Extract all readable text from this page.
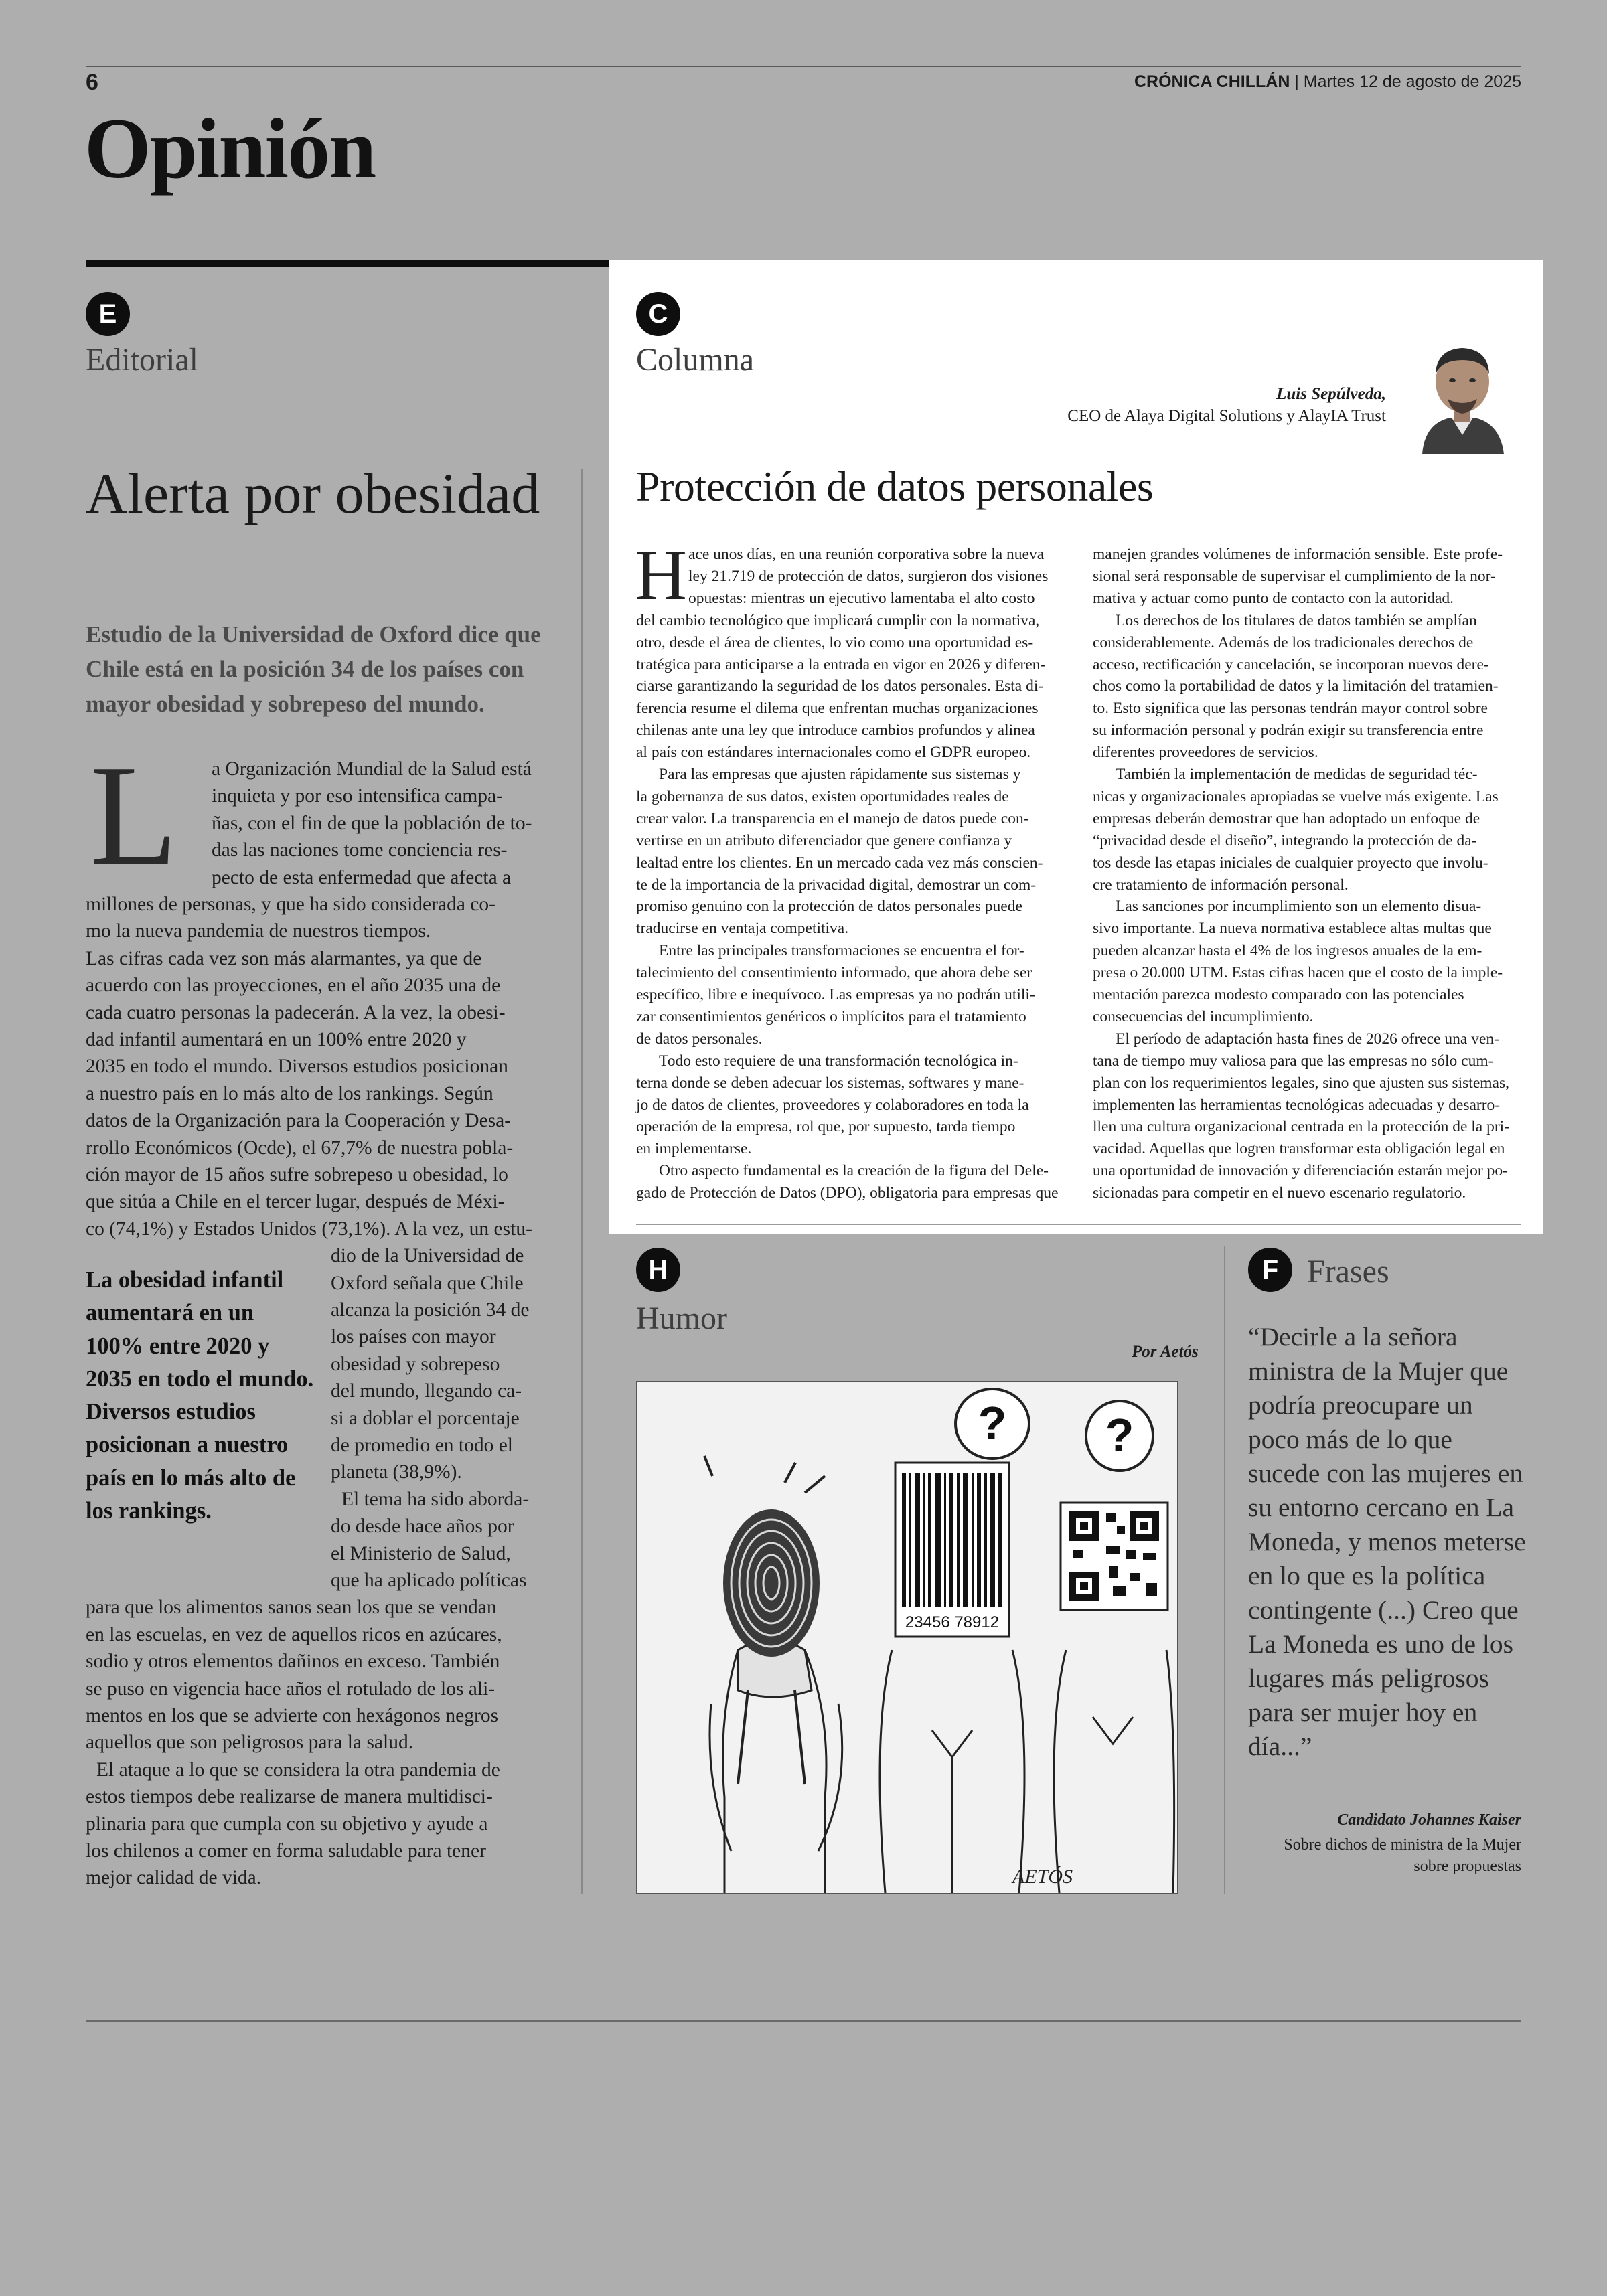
6	CRÓNICA CHILLÁN | Martes 12 de agosto de 2025
Opinión
E
Editorial
Alerta por obesidad
Estudio de la Universidad de Oxford dice que Chile está en la posición 34 de los países con mayor obesidad y sobrepeso del mundo.
L a Organización Mundial de la Salud está
inquieta y por eso intensifica campa-
ñas, con el fin de que la población de to-
das las naciones tome conciencia res-
pecto de esta enfermedad que afecta a
millones de personas, y que ha sido considerada co-
mo la nueva pandemia de nuestros tiempos.
Las cifras cada vez son más alarmantes, ya que de
acuerdo con las proyecciones, en el año 2035 una de
cada cuatro personas la padecerán. A la vez, la obesi-
dad infantil aumentará en un 100% entre 2020 y
2035 en todo el mundo. Diversos estudios posicionan
a nuestro país en lo más alto de los rankings. Según
datos de la Organización para la Cooperación y Desa-
rrollo Económicos (Ocde), el 67,7% de nuestra pobla-
ción mayor de 15 años sufre sobrepeso u obesidad, lo
que sitúa a Chile en el tercer lugar, después de Méxi-
co (74,1%) y Estados Unidos (73,1%). A la vez, un estu-
dio de la Universidad de
Oxford señala que Chile
alcanza la posición 34 de
los países con mayor
obesidad y sobrepeso
del mundo, llegando ca-
si a doblar el porcentaje
de promedio en todo el
planeta (38,9%).
El tema ha sido aborda-
do desde hace años por
el Ministerio de Salud,
que ha aplicado políticas
para que los alimentos sanos sean los que se vendan
en las escuelas, en vez de aquellos ricos en azúcares,
sodio y otros elementos dañinos en exceso. También
se puso en vigencia hace años el rotulado de los ali-
mentos en los que se advierte con hexágonos negros
aquellos que son peligrosos para la salud.
El ataque a lo que se considera la otra pandemia de
estos tiempos debe realizarse de manera multidisci-
plinaria para que cumpla con su objetivo y ayude a
los chilenos a comer en forma saludable para tener
mejor calidad de vida.
La obesidad infantil aumentará en un 100% entre 2020 y 2035 en todo el mundo. Diversos estudios posicionan a nuestro país en lo más alto de los rankings.
C
Columna
Luis Sepúlveda,
CEO de Alaya Digital Solutions y AlayIA Trust
Protección de datos personales
H ace unos días, en una reunión corporativa sobre la nueva
ley 21.719 de protección de datos, surgieron dos visiones
opuestas: mientras un ejecutivo lamentaba el alto costo
del cambio tecnológico que implicará cumplir con la normativa,
otro, desde el área de clientes, lo vio como una oportunidad es-
tratégica para anticiparse a la entrada en vigor en 2026 y diferen-
ciarse garantizando la seguridad de los datos personales. Esta di-
ferencia resume el dilema que enfrentan muchas organizaciones
chilenas ante una ley que introduce cambios profundos y alinea
al país con estándares internacionales como el GDPR europeo.
Para las empresas que ajusten rápidamente sus sistemas y
la gobernanza de sus datos, existen oportunidades reales de
crear valor. La transparencia en el manejo de datos puede con-
vertirse en un atributo diferenciador que genere confianza y
lealtad entre los clientes. En un mercado cada vez más conscien-
te de la importancia de la privacidad digital, demostrar un com-
promiso genuino con la protección de datos personales puede
traducirse en ventaja competitiva.
Entre las principales transformaciones se encuentra el for-
talecimiento del consentimiento informado, que ahora debe ser
específico, libre e inequívoco. Las empresas ya no podrán utili-
zar consentimientos genéricos o implícitos para el tratamiento
de datos personales.
Todo esto requiere de una transformación tecnológica in-
terna donde se deben adecuar los sistemas, softwares y mane-
jo de datos de clientes, proveedores y colaboradores en toda la
operación de la empresa, rol que, por supuesto, tarda tiempo
en implementarse.
Otro aspecto fundamental es la creación de la figura del Dele-
gado de Protección de Datos (DPO), obligatoria para empresas que
manejen grandes volúmenes de información sensible. Este profe-
sional será responsable de supervisar el cumplimiento de la nor-
mativa y actuar como punto de contacto con la autoridad.
Los derechos de los titulares de datos también se amplían
considerablemente. Además de los tradicionales derechos de
acceso, rectificación y cancelación, se incorporan nuevos dere-
chos como la portabilidad de datos y la limitación del tratamien-
to. Esto significa que las personas tendrán mayor control sobre
su información personal y podrán exigir su transferencia entre
diferentes proveedores de servicios.
También la implementación de medidas de seguridad téc-
nicas y organizacionales apropiadas se vuelve más exigente. Las
empresas deberán demostrar que han adoptado un enfoque de
“privacidad desde el diseño”, integrando la protección de da-
tos desde las etapas iniciales de cualquier proyecto que involu-
cre tratamiento de información personal.
Las sanciones por incumplimiento son un elemento disua-
sivo importante. La nueva normativa establece altas multas que
pueden alcanzar hasta el 4% de los ingresos anuales de la em-
presa o 20.000 UTM. Estas cifras hacen que el costo de la imple-
mentación parezca modesto comparado con las potenciales
consecuencias del incumplimiento.
El período de adaptación hasta fines de 2026 ofrece una ven-
tana de tiempo muy valiosa para que las empresas no sólo cum-
plan con los requerimientos legales, sino que ajusten sus sistemas,
implementen las herramientas tecnológicas adecuadas y desarro-
llen una cultura organizacional centrada en la protección de la pri-
vacidad. Aquellas que logren transformar esta obligación legal en
una oportunidad de innovación y diferenciación estarán mejor po-
sicionadas para competir en el nuevo escenario regulatorio.
H
Humor
Por Aetós
23456 78912
? ?
AETÓS
F Frases
“Decirle a la señora ministra de la Mujer que podría preocupare un poco más de lo que sucede con las mujeres en su entorno cercano en La Moneda, y menos meterse en lo que es la política contingente (...) Creo que La Moneda es uno de los lugares más peligrosos para ser mujer hoy en día...”
Candidato Johannes Kaiser
Sobre dichos de ministra de la Mujer
sobre propuestas
